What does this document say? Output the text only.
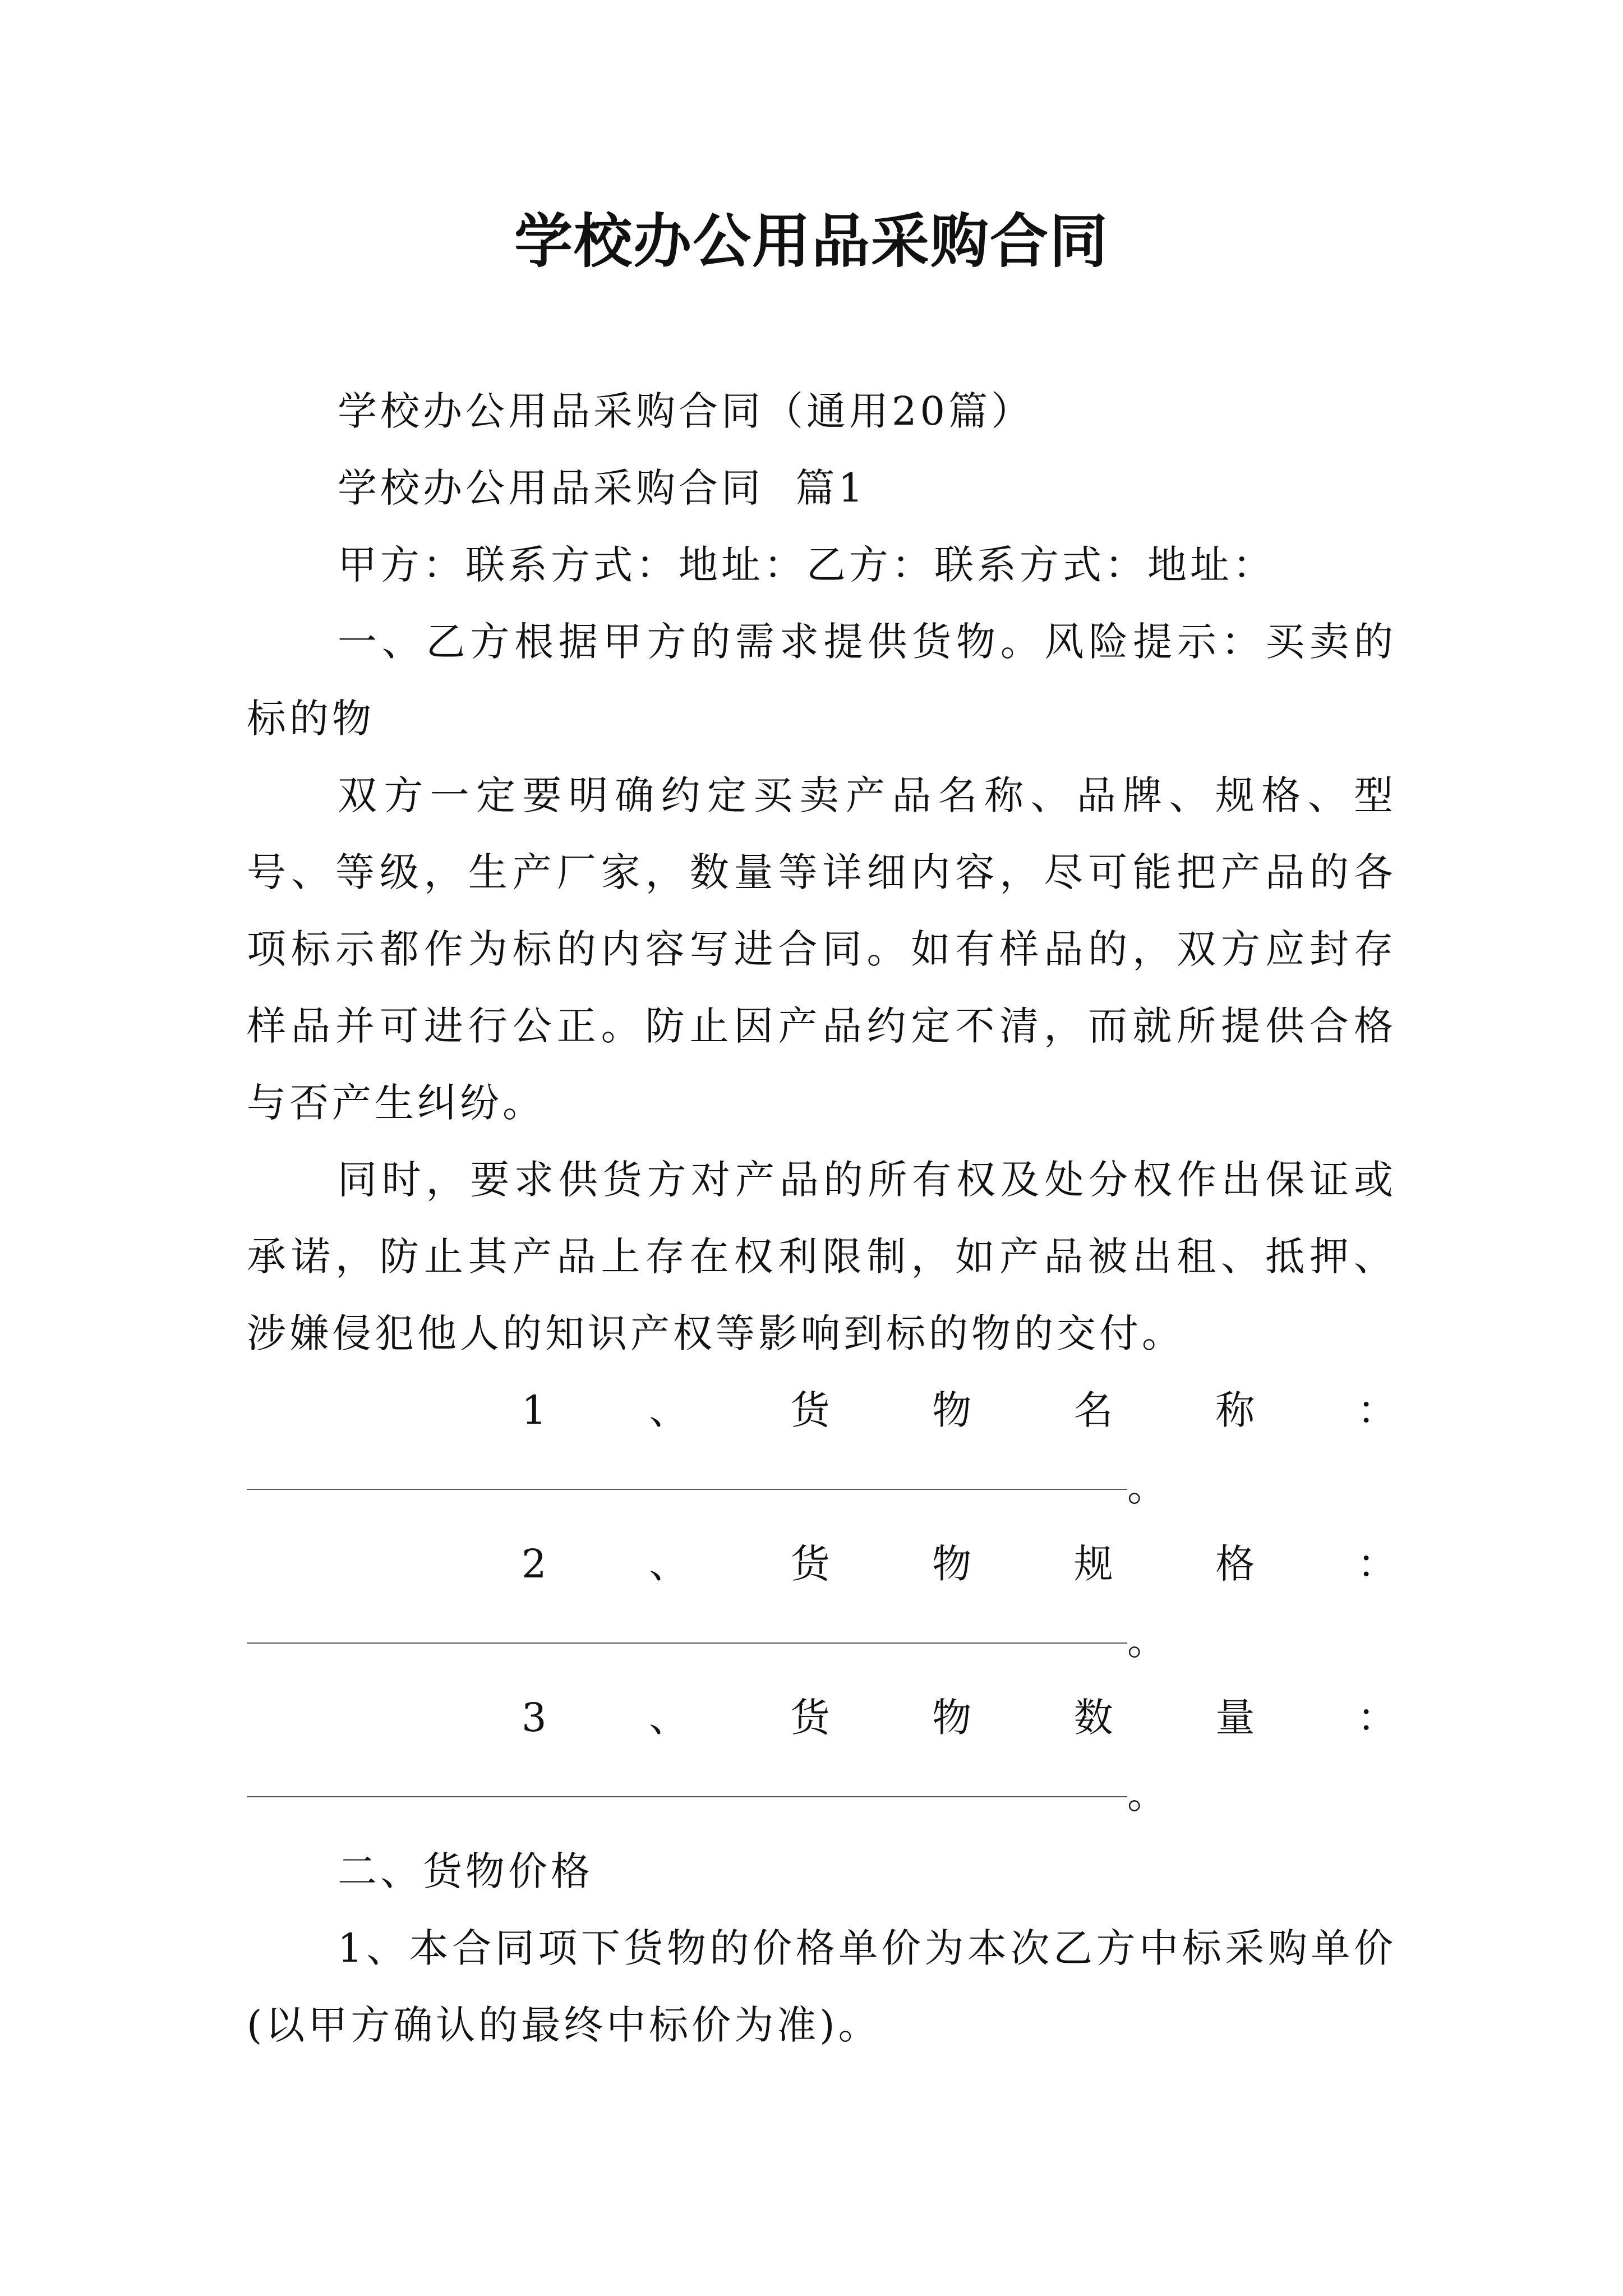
学校办公用品采购合同

学校办公用品采购合同（通用20篇）

学校办公用品采购合同  篇1

甲方：联系方式：地址：乙方：联系方式：地址：

一、乙方根据甲方的需求提供货物。风险提示：买卖的标的物

双方一定要明确约定买卖产品名称、品牌、规格、型号、等级，生产厂家，数量等详细内容，尽可能把产品的各项标示都作为标的内容写进合同。如有样品的，双方应封存样品并可进行公正。防止因产品约定不清，而就所提供合格与否产生纠纷。

同时，要求供货方对产品的所有权及处分权作出保证或承诺，防止其产品上存在权利限制，如产品被出租、抵押、涉嫌侵犯他人的知识产权等影响到标的物的交付。

1	、	货	物	名	称	：
。
2	、	货	物	规	格	：
。
3	、	货	物	数	量	：
。

二、货物价格

1、本合同项下货物的价格单价为本次乙方中标采购单价(以甲方确认的最终中标价为准)。
